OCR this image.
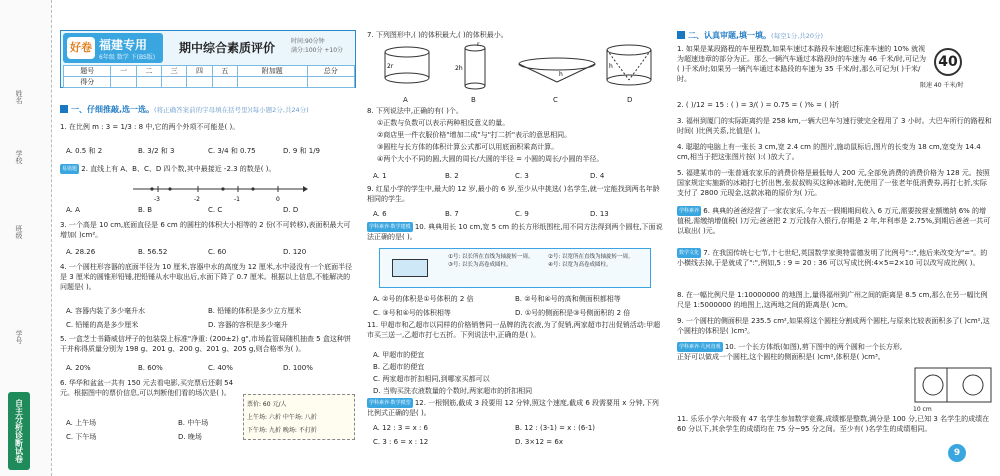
姓名
学校
班级
学号
自主分析诊断试卷
好卷 福建专用
6年级 数学 下(BS版)
期中综合素质评价	时间:90分钟
满分:100分 +10分
题号	一	二	三	四	五	附加题	总分
得分							
一、仔细推敲,选一选。(将正确答案前的字母填在括号里)(每小题2分,共24分)
1. 在比例 m : 3 = 1/3 : 8 中,它的两个外项不可能是( )。
A. 0.5 和 2	B. 3/2 和 3	C. 3/4 和 0.75	D. 9 和 1/9
易错题 2. 直线上有 A、B、C、D 四个数,其中最接近 -2.3 的数是( )。
-3	-2	-1	0
A. A	B. B	C. C	D. D
3. 一个高是 10 cm,底面直径是 6 cm 的圆柱的体积大小相等的 2 份(不可转移),表面积最大可增加( )cm²。
A. 28.26	B. 56.52	C. 60	D. 120
4. 一个圆柱形容器的底面半径为 10 厘米,容器中水的高度为 12 厘米,水中浸没有一个底面半径是 3 厘米的圆锥形铅锤,把铅锤从水中取出后,水面下降了 0.7 厘米。根据以上信息,不能解决的问题是( )。
A. 容器内装了多少毫升水	B. 铅锤的体积是多少立方厘米
C. 铅锤的高是多少厘米	D. 容器的容积是多少毫升
5. 一盒芝士书籍威信坪子的包装袋上标准"净重: (200±2) g",市场监管局随机抽查 5 盒这种饼干并称得质量分别为 198 g、201 g、200 g、201 g、205 g,则合格率为( )。
A. 20%	B. 60%	C. 40%	D. 100%
6. 华华和盆盆一共有 150 元去看电影,买完票后还剩 54 元。根据图中的票价信息,可以判断他们看的场次是( )。
A. 上午场	B. 中午场
C. 下午场	D. 晚场
票价: 60 元/人
上午场: 六折 中午场: 八折
下午场: 九折 晚场: 不打折
7. 下列图形中,( )的体积最大,( )的体积最小。
2r	2h
r
h
h
A	B	C	D
8. 下列说法中,正确的有( )个。
①正数与负数可以表示两种相反意义的量。
②商店里一件衣服价格"增加二成"与"打二折"表示的意思相同。
③圆柱与长方体的体积计算公式都可以用底面积乘高计算。
④两个大小不同的圆,大圆的周长/大圆的半径 = 小圆的周长/小圆的半径。
A. 1	B. 2	C. 3	D. 4
9. 红星小学的学生中,最大的 12 岁,最小的 6 岁,至少从中挑选( )名学生,就一定能找到两名年龄相同的学生。
A. 6	B. 7	C. 9	D. 13
学科素养·数学建模 10. 典典用长 10 cm,宽 5 cm 的长方形纸围柱,用不同方法得到两个圆柱,下面说法正确的是( )。
①号: 以长所在直线为轴旋转一周。
③号: 以长为高卷成圆柱。
②号: 以宽所在直线为轴旋转一周。
④号: 以宽为高卷成圆柱。
A. ②号的体积是①号体积的 2 倍	B. ②号和④号的高和侧面积都相等
C. ③号和④号的体积相等	D. ①号的侧面积是③号侧面积的 2 倍
11. 甲超市和乙超市以同样的价格销售同一品牌的洗衣液,为了促销,两家超市打出促销活动:甲超市买三送一,乙超市打七五折。下列说法中,正确的是( )。
A. 甲超市的便宜
B. 乙超市的便宜
C. 两家超市折扣相同,到哪家买都可以
D. 当购买洗衣液数量的个数时,两家超市的折扣相同
学科素养·数学模型 12. 一根钢筋,截成 3 段要用 12 分钟,照这个速度,截成 6 段需要用 x 分钟,下列比例式正确的是( )。
A. 12 : 3 = x : 6	B. 12 : (3-1) = x : (6-1)
C. 3 : 6 = x : 12	D. 3×12 = 6x
二、认真审题,填一填。(每空1分,共20分)
1. 如果是某段路程的车里程数,如果车速过本路段车速超过标准车速的 10% 就视为超速违章的部分为正。那么一辆汽车通过本路段时的车速为 46 千米/时,可记为( )千米/时;如果另一辆汽车通过本路段的车速为 35 千米/时,那么可记为( )千米/时。
2. ( )/12 = 15 : ( ) = 3/( ) = 0.75 = ( )% = ( )折
3. 福州到厦门的实际距离约是 258 km,一辆大巴车匀速行驶完全程用了 3 小时。大巴车所行的路程和时间( )比例关系,比值是( )。
4. 聪聪的电脑上有一张长 3 cm,宽 2.4 cm 的图片,施动鼠标后,图片的长变为 18 cm,宽变为 14.4 cm,相当于把这张图片按( ):( )放大了。
5. 福建某市的一张普通农家乐的消费价格是最低每人 200 元,全部免消费的消费价格为 128 元。按照国家规定实施新的冰箱打七折出售,张叔叔购买这种冰箱时,先使用了一张老年低消费券,再打七折,实际支付了 2800 元现金,这款冰箱的原价为( )元。
学科素养 6. 典典的爸爸经营了一家农家乐,今年五一假期期间收入 6 万元,需要按营业额缴纳 6% 的增值税,需缴纳增值税( )万元;爸爸把 2 万元钱存入银行,存期是 2 年,年利率是 2.75%,到期后爸爸一共可以取出( )元。
数学文化 7. 在我国传统七七节,十七世纪,英国数学家奥特雷德发明了比例号"::",他后来改变为"="。的小横线去掉,于是就成了":",例如,5 : 9 = 20 : 36 可以写成比例:4×5=2×10 可以改写成比例( )。
8. 在一幅比例尺是 1:10000000 的地图上,量得福州到广州之间的距离是 8.5 cm,那么在另一幅比例尺是 1:5000000 的地图上,这两地之间的距离是( )cm。
9. 一个圆柱的侧面积是 235.5 cm²,如果将这个圆柱分割成两个圆柱,与原来比较表面积多了( )cm²,这个圆柱的体积是( )cm³。
学科素养·几何直观 10. 一个长方体纸(如图),剪下图中的两个圆和一个长方形,正好可以做成一个圆柱,这个圆柱的侧面积是( )cm²,体积是( )cm³。
10 cm
11. 乐乐小学六年级有 47 名学生参加数学竞赛,成绩都是整数,满分是 100 分,已知 3 名学生的成绩在 60 分以下,其余学生的成绩均在 75 分~95 分之间。至少有( )名学生的成绩相同。
40
限速 40 千米/时
9
